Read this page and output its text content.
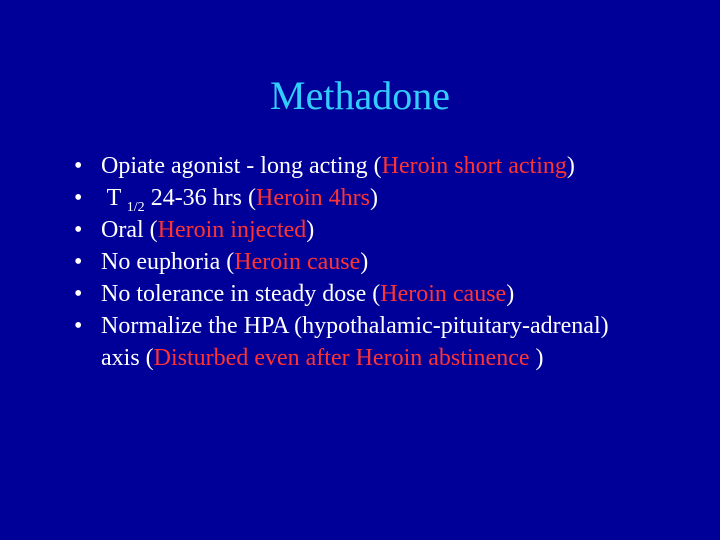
Methadone
• Opiate agonist - long acting (Heroin short acting)
• T $_{1/2}$ 24-36 hrs (Heroin 4hrs)
• Oral (Heroin injected)
• No euphoria (Heroin cause)
• No tolerance in steady dose (Heroin cause)
• Normalize the HPA (hypothalamic-pituitary-adrenal)
axis (Disturbed even after Heroin abstinence )
